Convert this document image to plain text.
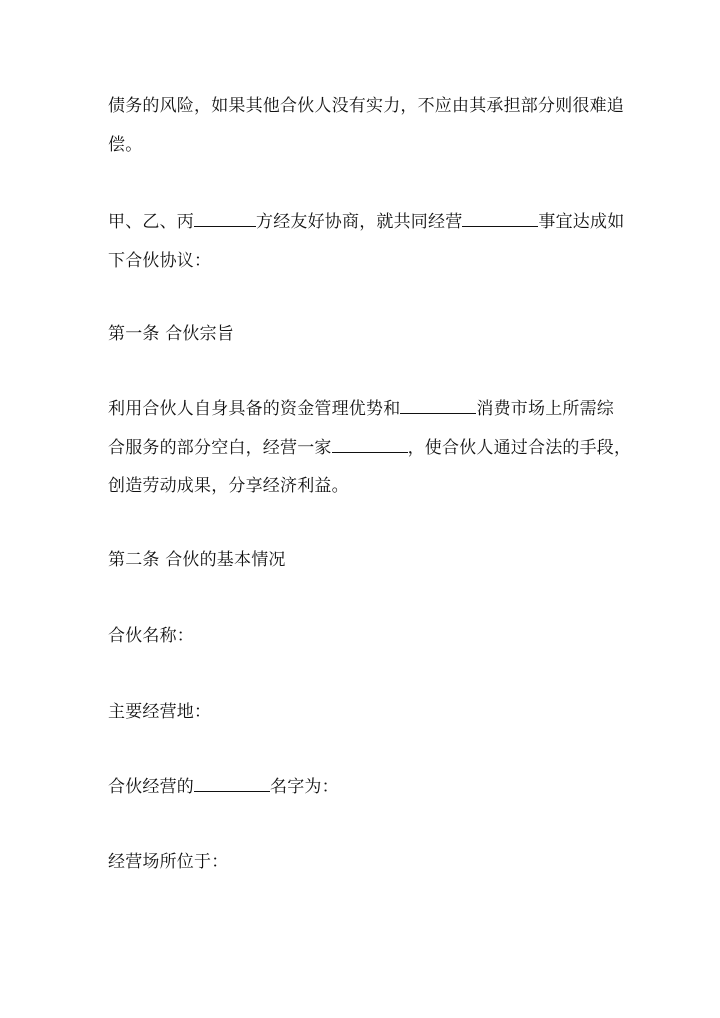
债务的风险，如果其他合伙人没有实力，不应由其承担部分则很难追
偿。
甲、乙、丙	方经友好协商，就共同经营	事宜达成如
下合伙协议：
第一条 合伙宗旨
利用合伙人自身具备的资金管理优势和	消费市场上所需综
合服务的部分空白，经营一家	，使合伙人通过合法的手段，
创造劳动成果，分享经济利益。
第二条 合伙的基本情况
合伙名称：
主要经营地：
合伙经营的	名字为：
经营场所位于：
